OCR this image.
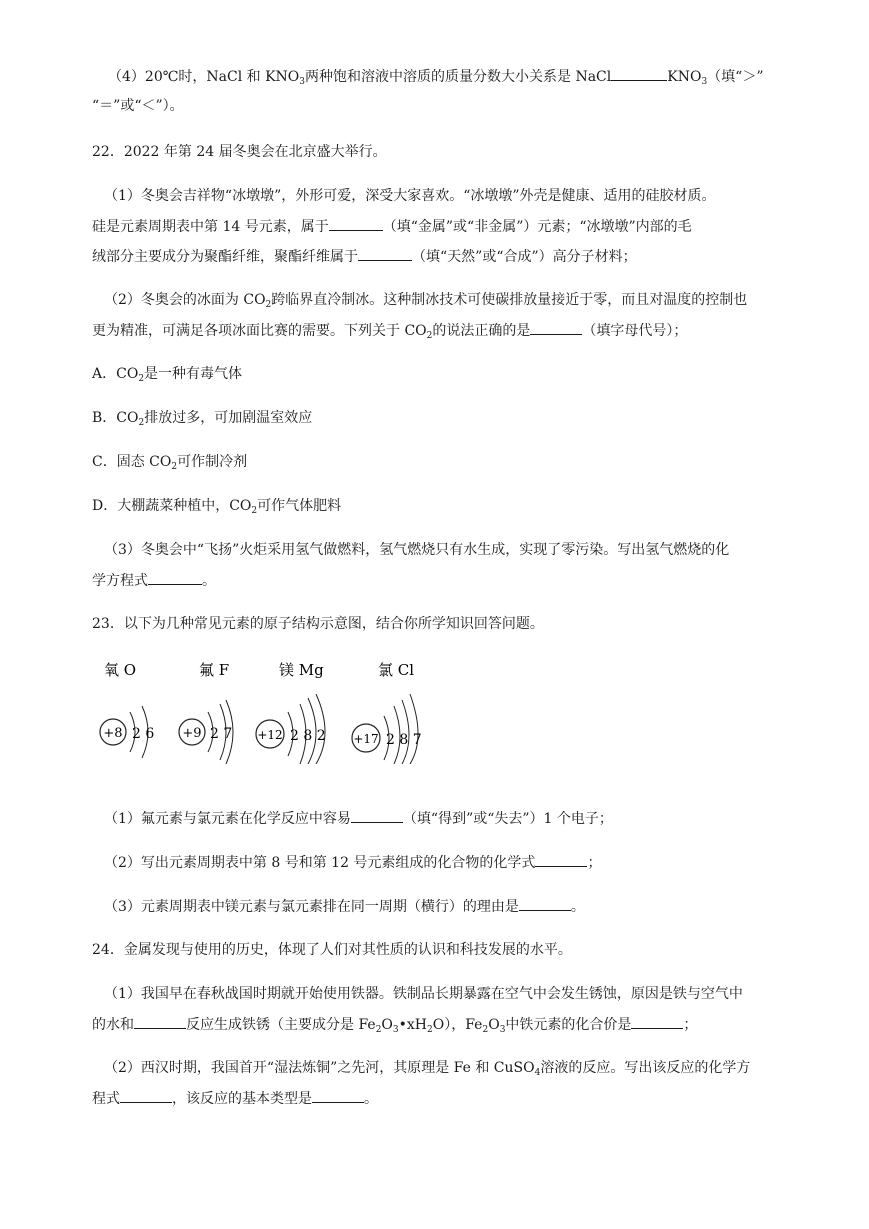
（4）20℃时，NaCl 和 $KNO_3$两种饱和溶液中溶质的质量分数大小关系是 NaCl	$KNO_3$（填“＞”
“＝”或“＜”）。
22．2022 年第 24 届冬奥会在北京盛大举行。
（1）冬奥会吉祥物“冰墩墩”，外形可爱，深受大家喜欢。“冰墩墩”外壳是健康、适用的硅胶材质。
硅是元素周期表中第 14 号元素，属于	（填“金属”或“非金属”）元素；“冰墩墩”内部的毛
绒部分主要成分为聚酯纤维，聚酯纤维属于	（填“天然”或“合成”）高分子材料；
（2）冬奥会的冰面为 $CO_2$跨临界直冷制冰。这种制冰技术可使碳排放量接近于零，而且对温度的控制也
更为精准，可满足各项冰面比赛的需要。下列关于 $CO_2$的说法正确的是	（填字母代号）；
A．$CO_2$是一种有毒气体
B．$CO_2$排放过多，可加剧温室效应
C．固态 $CO_2$可作制冷剂
D．大棚蔬菜种植中，$CO_2$可作气体肥料
（3）冬奥会中“飞扬”火炬采用氢气做燃料，氢气燃烧只有水生成，实现了零污染。写出氢气燃烧的化
学方程式	。
23．以下为几种常见元素的原子结构示意图，结合你所学知识回答问题。
氧 O
+8 2 6
氟 F
+9 2 7
镁 Mg
+12 2 8 2
氯 Cl
+17 2 8 7
（1）氟元素与氯元素在化学反应中容易	（填“得到”或“失去”）1 个电子；
（2）写出元素周期表中第 8 号和第 12 号元素组成的化合物的化学式	；
（3）元素周期表中镁元素与氯元素排在同一周期（横行）的理由是	。
24．金属发现与使用的历史，体现了人们对其性质的认识和科技发展的水平。
（1）我国早在春秋战国时期就开始使用铁器。铁制品长期暴露在空气中会发生锈蚀，原因是铁与空气中
的水和	反应生成铁锈（主要成分是 $Fe_2O_3•xH_2O$），$Fe_2O_3$中铁元素的化合价是	；
（2）西汉时期，我国首开“湿法炼铜”之先河，其原理是 Fe 和 CuSO$_4$溶液的反应。写出该反应的化学方
程式	，该反应的基本类型是	。
